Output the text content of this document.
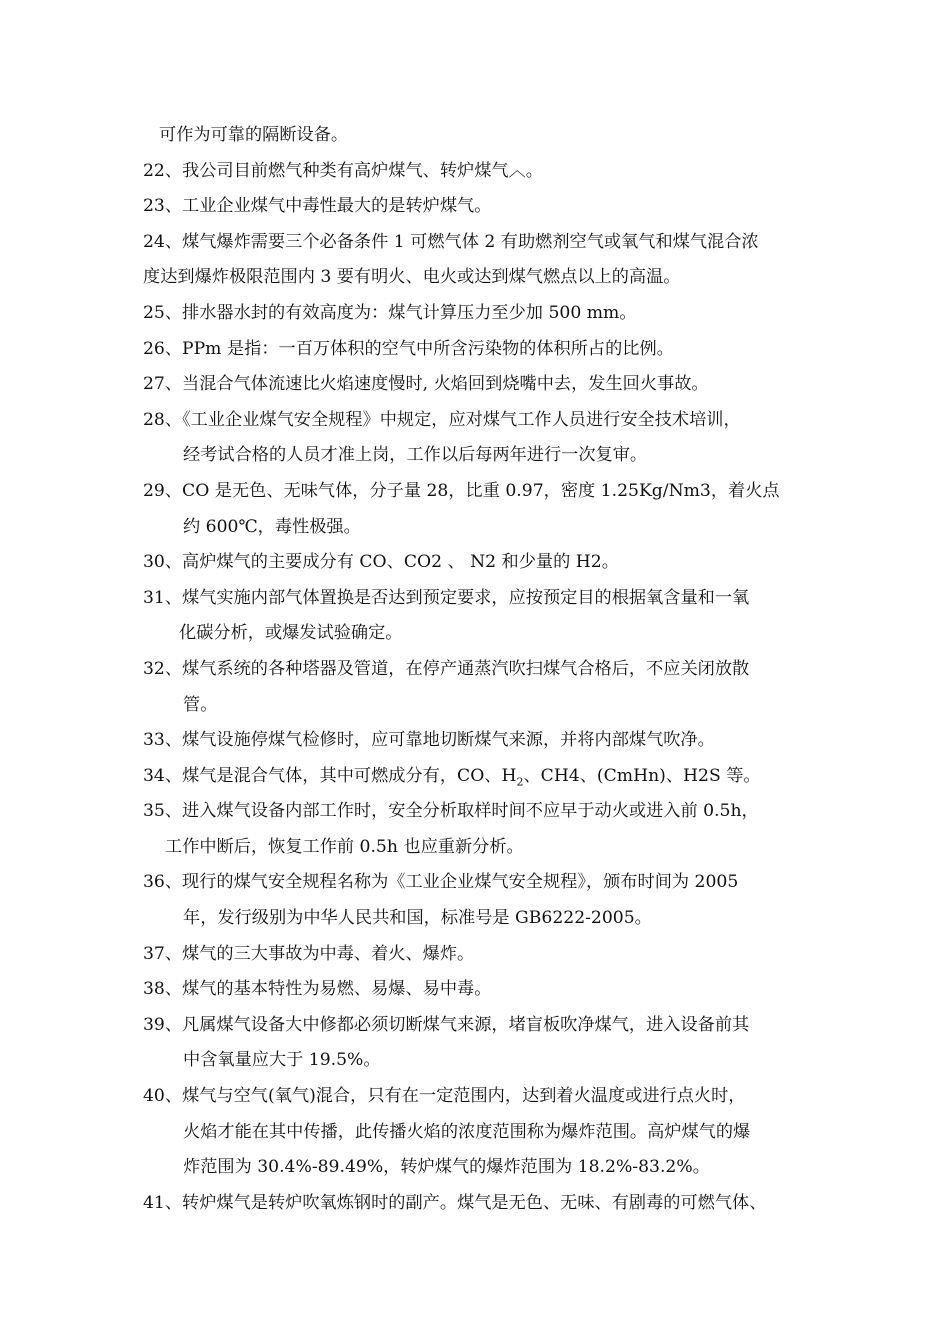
可作为可靠的隔断设备。
22、我公司目前燃气种类有高炉煤气、转炉煤气︿。
23、工业企业煤气中毒性最大的是转炉煤气。
24、煤气爆炸需要三个必备条件 1 可燃气体 2 有助燃剂空气或氧气和煤气混合浓
度达到爆炸极限范围内 3 要有明火、电火或达到煤气燃点以上的高温。
25、排水器水封的有效高度为：煤气计算压力至少加 500 mm。
26、PPm 是指：一百万体积的空气中所含污染物的体积所占的比例。
27、当混合气体流速比火焰速度慢时, 火焰回到烧嘴中去，发生回火事故。
28、《工业企业煤气安全规程》中规定，应对煤气工作人员进行安全技术培训，
经考试合格的人员才准上岗，工作以后每两年进行一次复审。
29、CO 是无色、无味气体，分子量 28，比重 0.97，密度 1.25Kg/Nm3，着火点
约 600℃，毒性极强。
30、高炉煤气的主要成分有 CO、CO2 、 N2 和少量的 H2。
31、煤气实施内部气体置换是否达到预定要求，应按预定目的根据氧含量和一氧
化碳分析，或爆发试验确定。
32、煤气系统的各种塔器及管道，在停产通蒸汽吹扫煤气合格后，不应关闭放散
管。
33、煤气设施停煤气检修时，应可靠地切断煤气来源，并将内部煤气吹净。
34、煤气是混合气体，其中可燃成分有，CO、$H_2$、CH4、(CmHn)、H2S 等。
35、进入煤气设备内部工作时，安全分析取样时间不应早于动火或进入前 0.5h，
工作中断后，恢复工作前 0.5h 也应重新分析。
36、现行的煤气安全规程名称为《工业企业煤气安全规程》，颁布时间为 2005
年，发行级别为中华人民共和国，标准号是 GB6222-2005。
37、煤气的三大事故为中毒、着火、爆炸。
38、煤气的基本特性为易燃、易爆、易中毒。
39、凡属煤气设备大中修都必须切断煤气来源，堵盲板吹净煤气，进入设备前其
中含氧量应大于 19.5%。
40、煤气与空气(氧气)混合，只有在一定范围内，达到着火温度或进行点火时，
火焰才能在其中传播，此传播火焰的浓度范围称为爆炸范围。高炉煤气的爆
炸范围为 30.4%-89.49%，转炉煤气的爆炸范围为 18.2%-83.2%。
41、转炉煤气是转炉吹氧炼钢时的副产。煤气是无色、无味、有剧毒的可燃气体、
